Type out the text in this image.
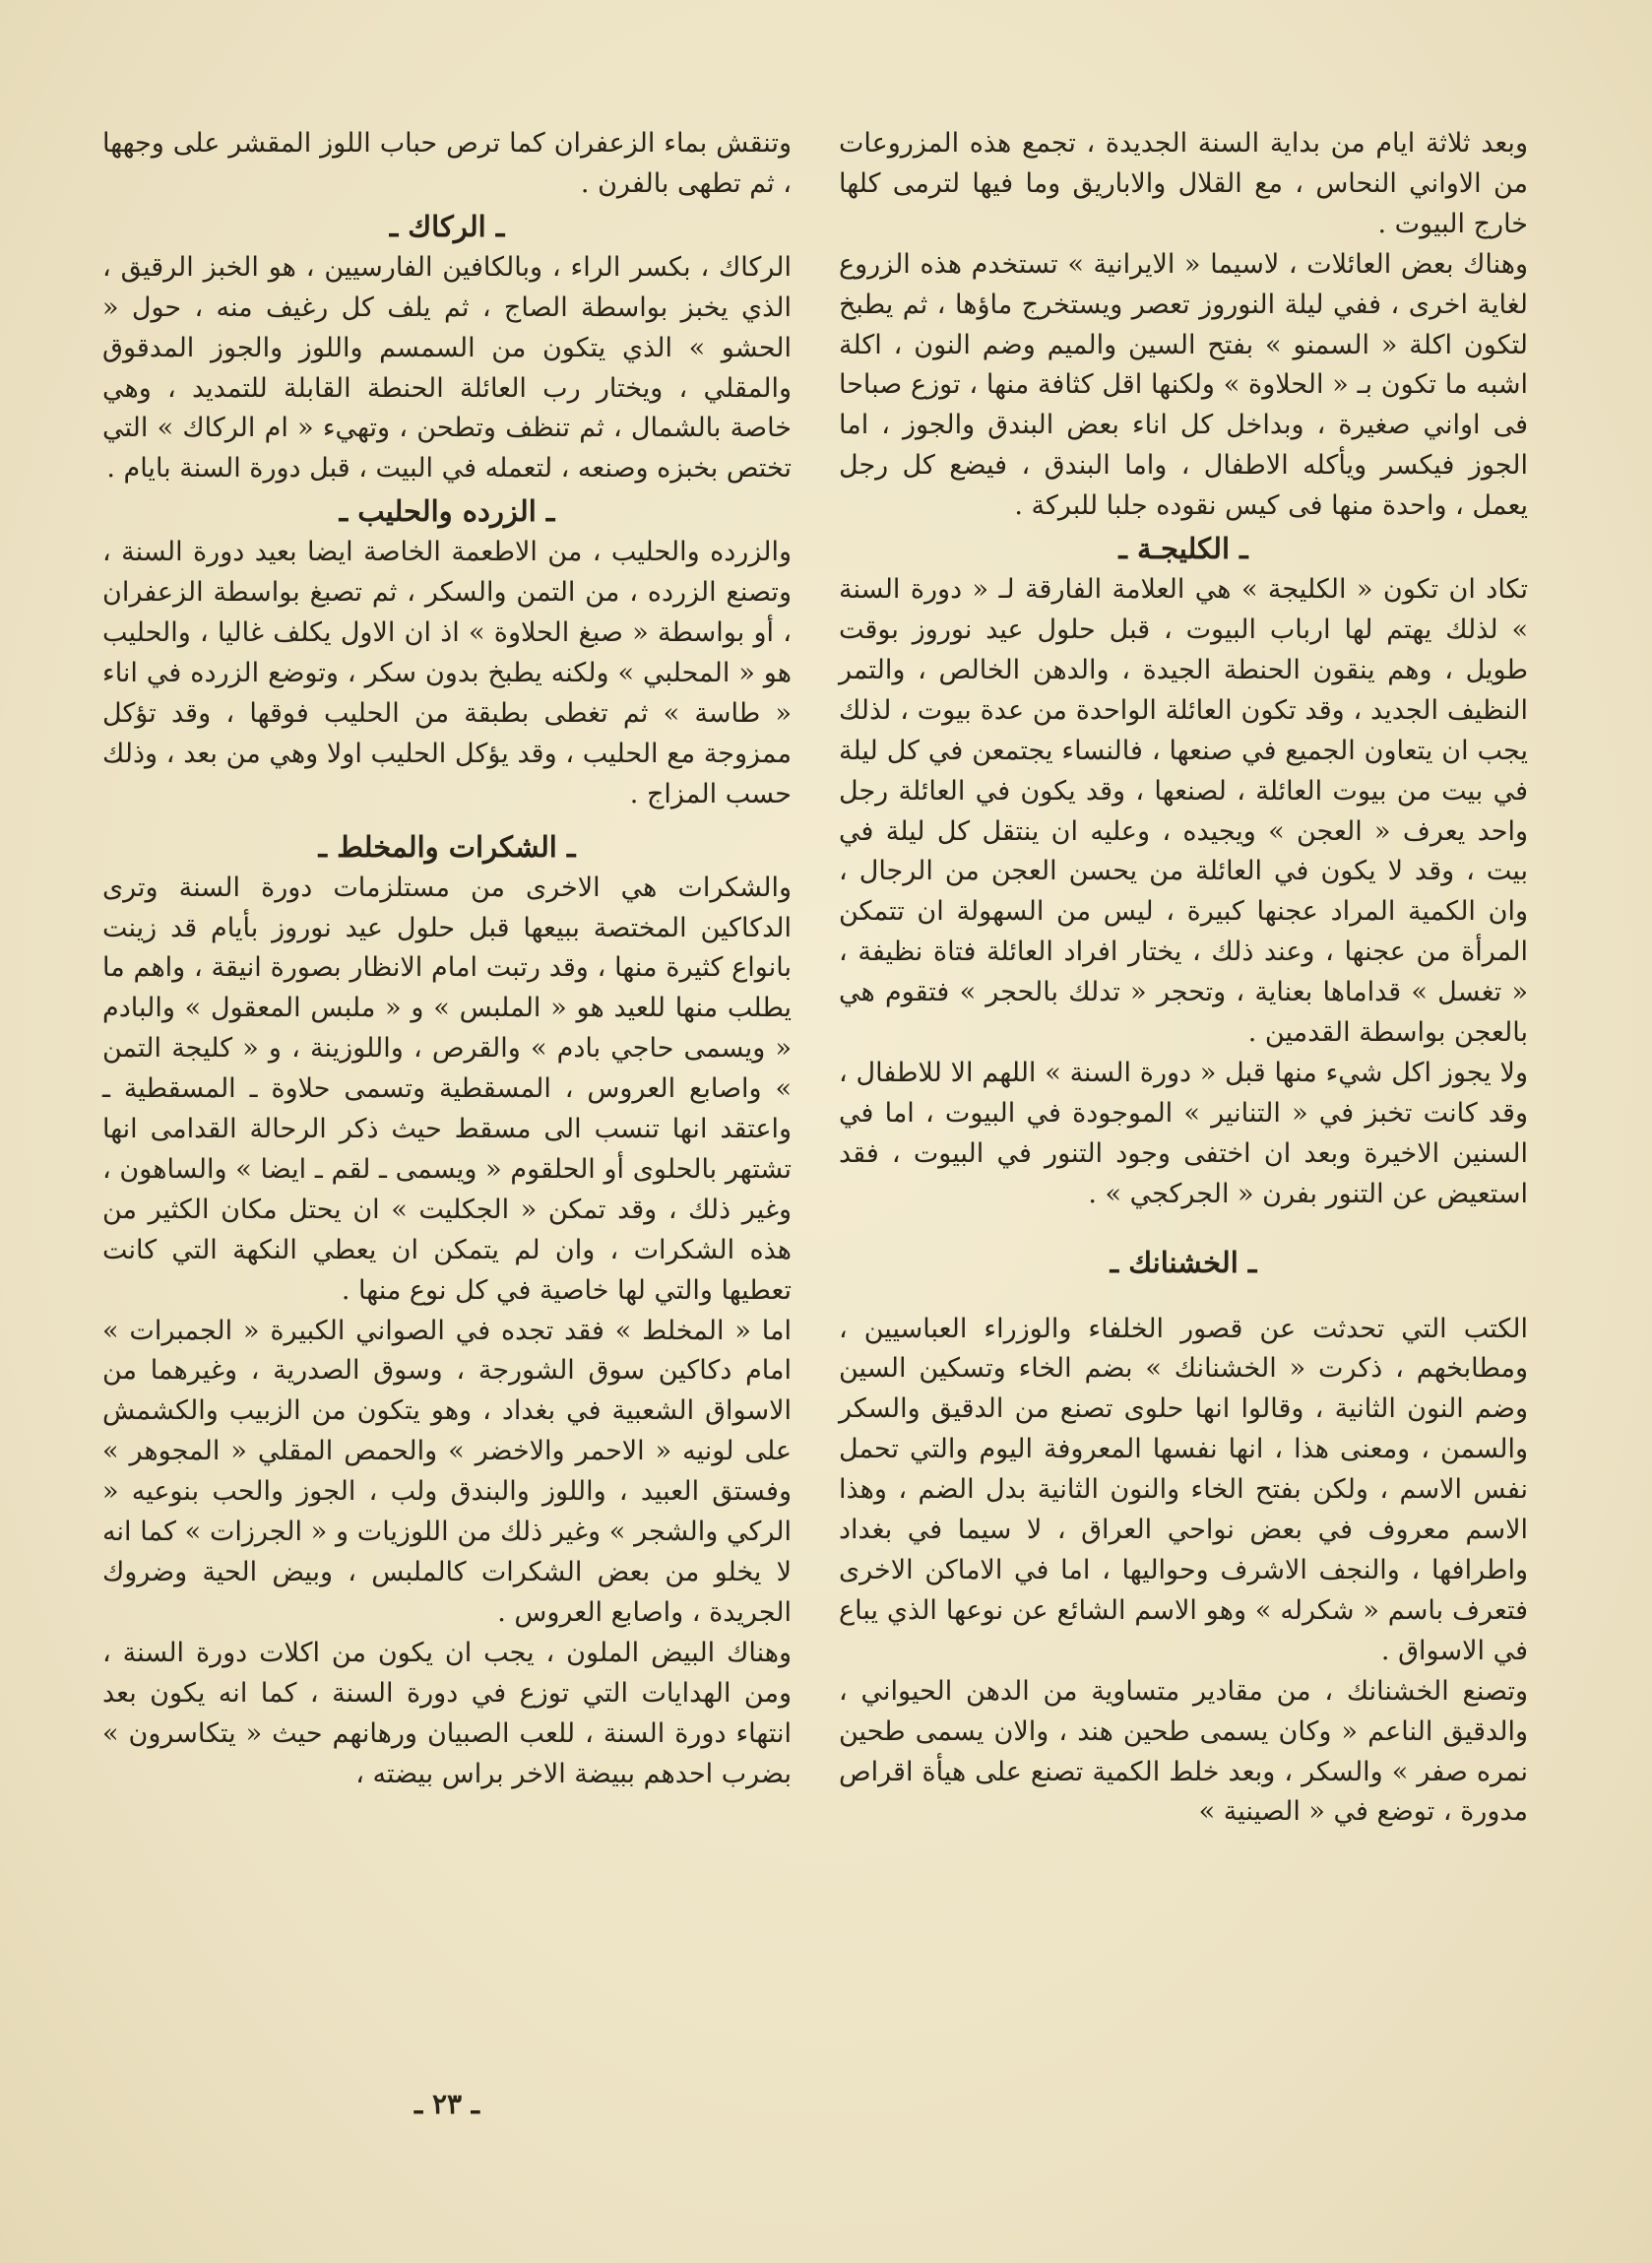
وبعد ثلاثة ايام من بداية السنة الجديدة ، تجمع هذه المزروعات من الاواني النحاس ، مع القلال والاباريق وما فيها لترمى كلها خارج البيوت .

وهناك بعض العائلات ، لاسيما « الايرانية » تستخدم هذه الزروع لغاية اخرى ، ففي ليلة النوروز تعصر ويستخرج ماؤها ، ثم يطبخ لتكون اكلة « السمنو » بفتح السين والميم وضم النون ، اكلة اشبه ما تكون بـ « الحلاوة » ولكنها اقل كثافة منها ، توزع صباحا فى اواني صغيرة ، وبداخل كل اناء بعض البندق والجوز ، اما الجوز فيكسر ويأكله الاطفال ، واما البندق ، فيضع كل رجل يعمل ، واحدة منها فى كيس نقوده جلبا للبركة .

ـ الكليجـة ـ

تكاد ان تكون « الكليجة » هي العلامة الفارقة لـ « دورة السنة » لذلك يهتم لها ارباب البيوت ، قبل حلول عيد نوروز بوقت طويل ، وهم ينقون الحنطة الجيدة ، والدهن الخالص ، والتمر النظيف الجديد ، وقد تكون العائلة الواحدة من عدة بيوت ، لذلك يجب ان يتعاون الجميع في صنعها ، فالنساء يجتمعن في كل ليلة في بيت من بيوت العائلة ، لصنعها ، وقد يكون في العائلة رجل واحد يعرف « العجن » ويجيده ، وعليه ان ينتقل كل ليلة في بيت ، وقد لا يكون في العائلة من يحسن العجن من الرجال ، وان الكمية المراد عجنها كبيرة ، ليس من السهولة ان تتمكن المرأة من عجنها ، وعند ذلك ، يختار افراد العائلة فتاة نظيفة ، « تغسل » قداماها بعناية ، وتحجر « تدلك بالحجر » فتقوم هي بالعجن بواسطة القدمين .

ولا يجوز اكل شيء منها قبل « دورة السنة » اللهم الا للاطفال ، وقد كانت تخبز في « التنانير » الموجودة في البيوت ، اما في السنين الاخيرة وبعد ان اختفى وجود التنور في البيوت ، فقد استعيض عن التنور بفرن « الجركجي » .

ـ الخشنانك ـ

الكتب التي تحدثت عن قصور الخلفاء والوزراء العباسيين ، ومطابخهم ، ذكرت « الخشنانك » بضم الخاء وتسكين السين وضم النون الثانية ، وقالوا انها حلوى تصنع من الدقيق والسكر والسمن ، ومعنى هذا ، انها نفسها المعروفة اليوم والتي تحمل نفس الاسم ، ولكن بفتح الخاء والنون الثانية بدل الضم ، وهذا الاسم معروف في بعض نواحي العراق ، لا سيما في بغداد واطرافها ، والنجف الاشرف وحواليها ، اما في الاماكن الاخرى فتعرف باسم « شكرله » وهو الاسم الشائع عن نوعها الذي يباع في الاسواق .

وتصنع الخشنانك ، من مقادير متساوية من الدهن الحيواني ، والدقيق الناعم « وكان يسمى طحين هند ، والان يسمى طحين نمره صفر » والسكر ، وبعد خلط الكمية تصنع على هيأة اقراص مدورة ، توضع في « الصينية »

وتنقش بماء الزعفران كما ترص حباب اللوز المقشر على وجهها ، ثم تطهى بالفرن .

ـ الركاك ـ

الركاك ، بكسر الراء ، وبالكافين الفارسيين ، هو الخبز الرقيق ، الذي يخبز بواسطة الصاج ، ثم يلف كل رغيف منه ، حول « الحشو » الذي يتكون من السمسم واللوز والجوز المدقوق والمقلي ، ويختار رب العائلة الحنطة القابلة للتمديد ، وهي خاصة بالشمال ، ثم تنظف وتطحن ، وتهيء « ام الركاك » التي تختص بخبزه وصنعه ، لتعمله في البيت ، قبل دورة السنة بايام .

ـ الزرده والحليب ـ

والزرده والحليب ، من الاطعمة الخاصة ايضا بعيد دورة السنة ، وتصنع الزرده ، من التمن والسكر ، ثم تصبغ بواسطة الزعفران ، أو بواسطة « صبغ الحلاوة » اذ ان الاول يكلف غاليا ، والحليب هو « المحلبي » ولكنه يطبخ بدون سكر ، وتوضع الزرده في اناء « طاسة » ثم تغطى بطبقة من الحليب فوقها ، وقد تؤكل ممزوجة مع الحليب ، وقد يؤكل الحليب اولا وهي من بعد ، وذلك حسب المزاج .

ـ الشكرات والمخلط ـ

والشكرات هي الاخرى من مستلزمات دورة السنة وترى الدكاكين المختصة ببيعها قبل حلول عيد نوروز بأيام قد زينت بانواع كثيرة منها ، وقد رتبت امام الانظار بصورة انيقة ، واهم ما يطلب منها للعيد هو « الملبس » و « ملبس المعقول » والبادم « ويسمى حاجي بادم » والقرص ، واللوزينة ، و « كليجة التمن » واصابع العروس ، المسقطية وتسمى حلاوة ـ المسقطية ـ واعتقد انها تنسب الى مسقط حيث ذكر الرحالة القدامى انها تشتهر بالحلوى أو الحلقوم « ويسمى ـ لقم ـ ايضا » والساهون ، وغير ذلك ، وقد تمكن « الجكليت » ان يحتل مكان الكثير من هذه الشكرات ، وان لم يتمكن ان يعطي النكهة التي كانت تعطيها والتي لها خاصية في كل نوع منها .

اما « المخلط » فقد تجده في الصواني الكبيرة « الجمبرات » امام دكاكين سوق الشورجة ، وسوق الصدرية ، وغيرهما من الاسواق الشعبية في بغداد ، وهو يتكون من الزبيب والكشمش على لونيه « الاحمر والاخضر » والحمص المقلي « المجوهر » وفستق العبيد ، واللوز والبندق ولب ، الجوز والحب بنوعيه « الركي والشجر » وغير ذلك من اللوزيات و « الجرزات » كما انه لا يخلو من بعض الشكرات كالملبس ، وبيض الحية وضروك الجريدة ، واصابع العروس .

وهناك البيض الملون ، يجب ان يكون من اكلات دورة السنة ، ومن الهدايات التي توزع في دورة السنة ، كما انه يكون بعد انتهاء دورة السنة ، للعب الصبيان ورهانهم حيث « يتكاسرون » بضرب احدهم ببيضة الاخر براس بيضته ،

ـ ٢٣ ـ
